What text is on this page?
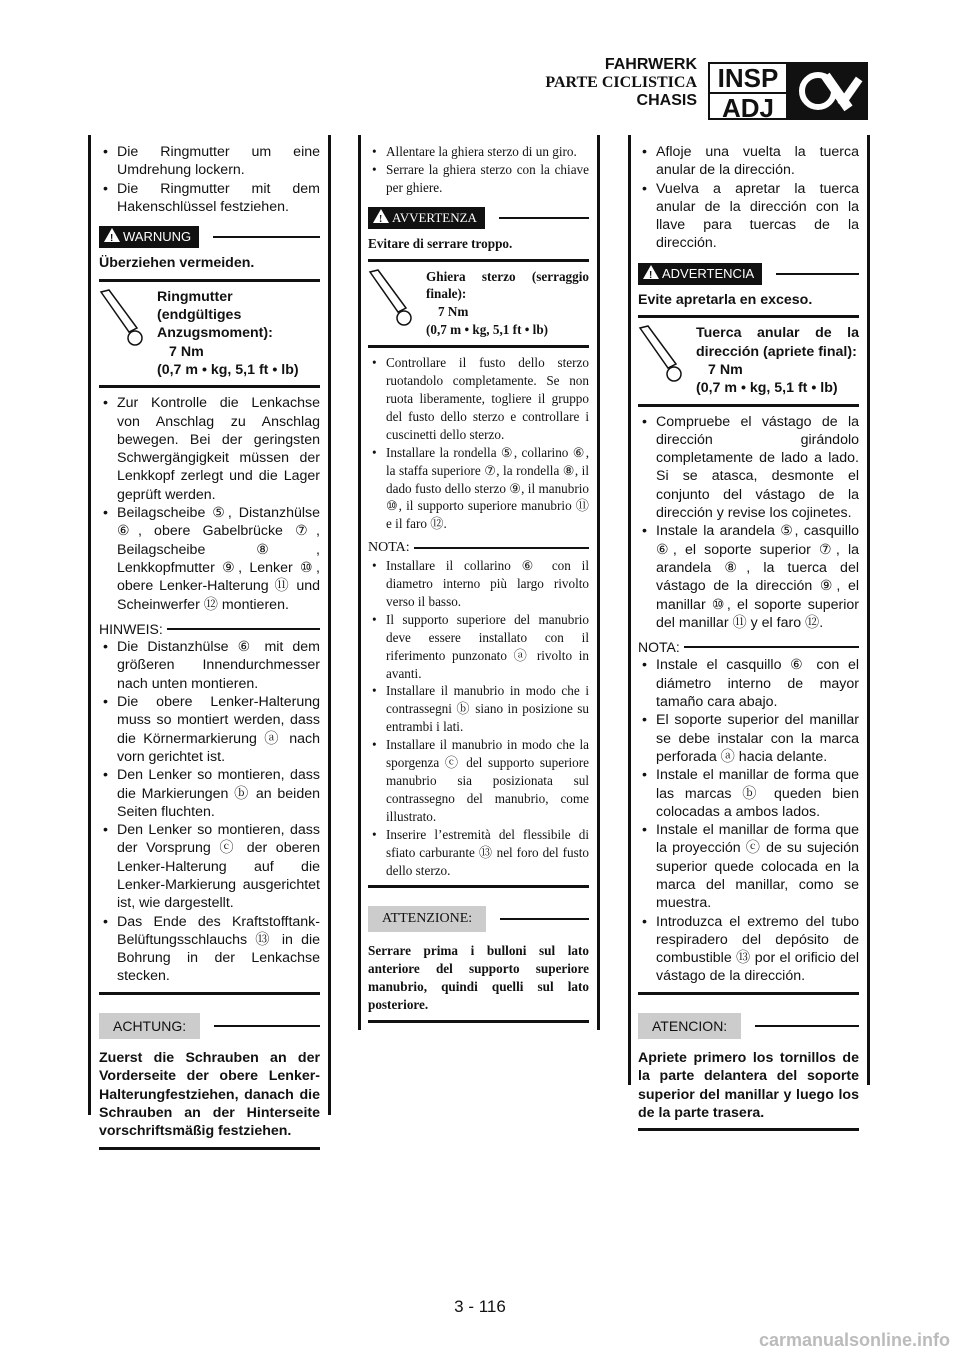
FAHRWERK
PARTE CICLISTICA
CHASIS
INSP
ADJ

• Die Ringmutter um eine Umdrehung lockern.

• Die Ringmutter mit dem Hakenschlüssel festziehen.

!
WARNUNG
Überziehen vermeiden.
Ringmutter (endgültiges Anzugsmoment):
7 Nm
(0,7 m • kg, 5,1 ft • lb)

• Zur Kontrolle die Lenkachse von Anschlag zu Anschlag bewegen. Bei der geringsten Schwergängigkeit müssen der Lenkkopf zerlegt und die Lager geprüft werden.

• Beilagscheibe ⑤, Distanzhülse ⑥, obere Gabelbrücke ⑦, Beilagscheibe ⑧, Lenkkopfmutter ⑨, Lenker ⑩, obere Lenker-Halterung ⑪ und Scheinwerfer ⑫ montieren.

HINWEIS:

• Die Distanzhülse ⑥ mit dem größeren Innendurchmesser nach unten montieren.

• Die obere Lenker-Halterung muss so montiert werden, dass die Körnermarkierung ⓐ nach vorn gerichtet ist.

• Den Lenker so montieren, dass die Markierungen ⓑ an beiden Seiten fluchten.

• Den Lenker so montieren, dass der Vorsprung ⓒ der oberen Lenker-Halterung auf die Lenker-Markierung ausgerichtet ist, wie dargestellt.

• Das Ende des Kraftstofftank-Belüftungsschlauchs ⑬ in die Bohrung in der Lenkachse stecken.

ACHTUNG:
Zuerst die Schrauben an der Vorderseite der obere Lenker-Halterungfestziehen, danach die Schrauben an der Hinterseite vorschriftsmäßig festziehen.

• Allentare la ghiera sterzo di un giro.

• Serrare la ghiera sterzo con la chiave per ghiere.

!
AVVERTENZA
Evitare di serrare troppo.
Ghiera sterzo (serraggio finale):
7 Nm
(0,7 m • kg, 5,1 ft • lb)

• Controllare il fusto dello sterzo ruotandolo completamente. Se non ruota liberamente, togliere il gruppo del fusto dello sterzo e controllare i cuscinetti dello sterzo.

• Installare la rondella ⑤, collarino ⑥, la staffa superiore ⑦, la rondella ⑧, il dado fusto dello sterzo ⑨, il manubrio ⑩, il supporto superiore manubrio ⑪ e il faro ⑫.

NOTA:

• Installare il collarino ⑥ con il diametro interno più largo rivolto verso il basso.

• Il supporto superiore del manubrio deve essere installato con il riferimento punzonato ⓐ rivolto in avanti.

• Installare il manubrio in modo che i contrassegni ⓑ siano in posizione su entrambi i lati.

• Installare il manubrio in modo che la sporgenza ⓒ del supporto superiore manubrio sia posizionata sul contrassegno del manubrio, come illustrato.

• Inserire l’estremità del flessibile di sfiato carburante ⑬ nel foro del fusto dello sterzo.

ATTENZIONE:
Serrare prima i bulloni sul lato anteriore del supporto superiore manubrio, quindi quelli sul lato posteriore.

• Afloje una vuelta la tuerca anular de la dirección.

• Vuelva a apretar la tuerca anular de la dirección con la llave para tuercas de la dirección.

!
ADVERTENCIA
Evite apretarla en exceso.
Tuerca anular de la dirección (apriete final):
7 Nm
(0,7 m • kg, 5,1 ft • lb)

• Compruebe el vástago de la dirección girándolo completamente de lado a lado. Si se atasca, desmonte el conjunto del vástago de la dirección y revise los cojinetes.

• Instale la arandela ⑤, casquillo ⑥, el soporte superior ⑦, la arandela ⑧, la tuerca del vástago de la dirección ⑨, el manillar ⑩, el soporte superior del manillar ⑪ y el faro ⑫.

NOTA:

• Instale el casquillo ⑥ con el diámetro interno de mayor tamaño cara abajo.

• El soporte superior del manillar se debe instalar con la marca perforada ⓐ hacia delante.

• Instale el manillar de forma que las marcas ⓑ queden bien colocadas a ambos lados.

• Instale el manillar de forma que la proyección ⓒ de su sujeción superior quede colocada en la marca del manillar, como se muestra.

• Introduzca el extremo del tubo respiradero del depósito de combustible ⑬ por el orificio del vástago de la dirección.

ATENCION:
Apriete primero los tornillos de la parte delantera del soporte superior del manillar y luego los de la parte trasera.
3 - 116
carmanualsonline.info
